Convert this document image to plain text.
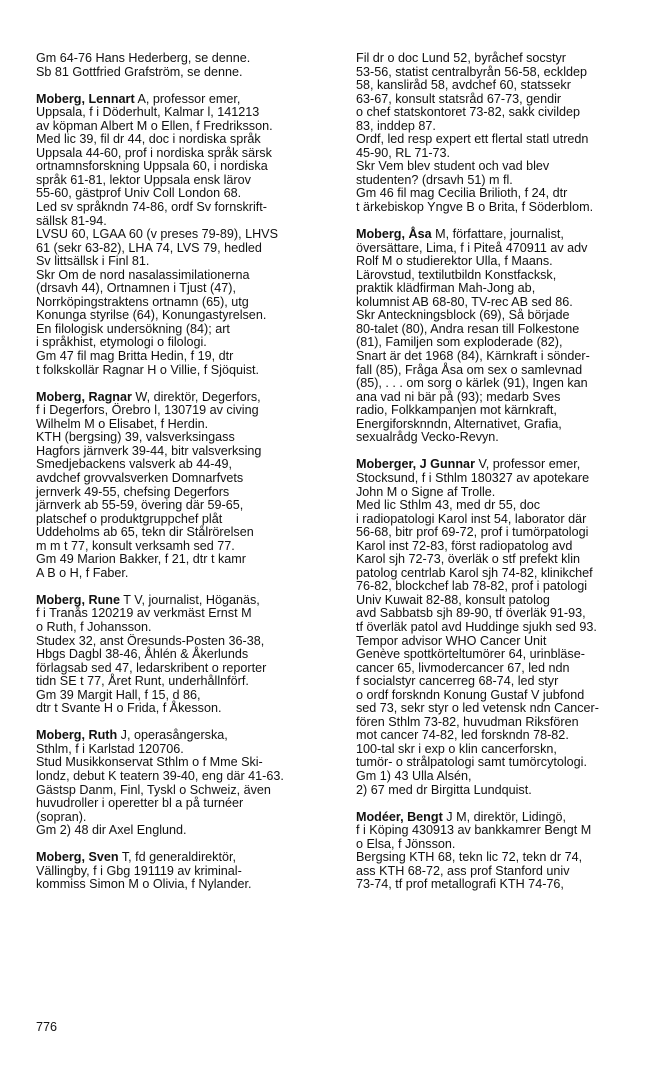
Gm 64-76 Hans Hederberg, se denne.
Sb 81 Gottfried Grafström, se denne.
Moberg, Lennart A, professor emer,
Uppsala, f i Döderhult, Kalmar l, 141213
av köpman Albert M o Ellen, f Fredriksson.
Med lic 39, fil dr 44, doc i nordiska språk
Uppsala 44-60, prof i nordiska språk särsk
ortnamnsforskning Uppsala 60, i nordiska
språk 61-81, lektor Uppsala ensk lärov
55-60, gästprof Univ Coll London 68.
Led sv språkndn 74-86, ordf Sv fornskrift-
sällsk 81-94.
LVSU 60, LGAA 60 (v preses 79-89), LHVS
61 (sekr 63-82), LHA 74, LVS 79, hedled
Sv littsällsk i Finl 81.
Skr Om de nord nasalassimilationerna
(drsavh 44), Ortnamnen i Tjust (47),
Norrköpingstraktens ortnamn (65), utg
Konunga styrilse (64), Konungastyrelsen.
En filologisk undersökning (84); art
i språkhist, etymologi o filologi.
Gm 47 fil mag Britta Hedin, f 19, dtr
t folkskollär Ragnar H o Villie, f Sjöquist.
Moberg, Ragnar W, direktör, Degerfors,
f i Degerfors, Örebro l, 130719 av civing
Wilhelm M o Elisabet, f Herdin.
KTH (bergsing) 39, valsverksingass
Hagfors järnverk 39-44, bitr valsverksing
Smedjebackens valsverk ab 44-49,
avdchef grovvalsverken Domnarfvets
jernverk 49-55, chefsing Degerfors
järnverk ab 55-59, övering där 59-65,
platschef o produktgruppchef plåt
Uddeholms ab 65, tekn dir Stålrörelsen
m m t 77, konsult verksamh sed 77.
Gm 49 Marion Bakker, f 21, dtr t kamr
A B o H, f Faber.
Moberg, Rune T V, journalist, Höganäs,
f i Tranås 120219 av verkmäst Ernst M
o Ruth, f Johansson.
Studex 32, anst Öresunds-Posten 36-38,
Hbgs Dagbl 38-46, Åhlén & Åkerlunds
förlagsab sed 47, ledarskribent o reporter
tidn SE t 77, Året Runt, underhållnförf.
Gm 39 Margit Hall, f 15, d 86,
dtr t Svante H o Frida, f Åkesson.
Moberg, Ruth J, operasångerska,
Sthlm, f i Karlstad 120706.
Stud Musikkonservat Sthlm o f Mme Ski-
londz, debut K teatern 39-40, eng där 41-63.
Gästsp Danm, Finl, Tyskl o Schweiz, även
huvudroller i operetter bl a på turnéer
(sopran).
Gm 2) 48 dir Axel Englund.
Moberg, Sven T, fd generaldirektör,
Vällingby, f i Gbg 191119 av kriminal-
kommiss Simon M o Olivia, f Nylander.
Fil dr o doc Lund 52, byråchef socstyr
53-56, statist centralbyrån 56-58, eckldep
58, kansliråd 58, avdchef 60, statssekr
63-67, konsult statsråd 67-73, gendir
o chef statskontoret 73-82, sakk civildep
83, inddep 87.
Ordf, led resp expert ett flertal statl utredn
45-90, RL 71-73.
Skr Vem blev student och vad blev
studenten? (drsavh 51) m fl.
Gm 46 fil mag Cecilia Brilioth, f 24, dtr
t ärkebiskop Yngve B o Brita, f Söderblom.
Moberg, Åsa M, författare, journalist,
översättare, Lima, f i Piteå 470911 av adv
Rolf M o studierektor Ulla, f Maans.
Lärovstud, textilutbildn Konstfacksk,
praktik klädfirman Mah-Jong ab,
kolumnist AB 68-80, TV-rec AB sed 86.
Skr Anteckningsblock (69), Så började
80-talet (80), Andra resan till Folkestone
(81), Familjen som exploderade (82),
Snart är det 1968 (84), Kärnkraft i sönder-
fall (85), Fråga Åsa om sex o samlevnad
(85), . . . om sorg o kärlek (91), Ingen kan
ana vad ni bär på (93); medarb Sves
radio, Folkkampanjen mot kärnkraft,
Energiforsknndn, Alternativet, Grafia,
sexualrådg Vecko-Revyn.
Moberger, J Gunnar V, professor emer,
Stocksund, f i Sthlm 180327 av apotekare
John M o Signe af Trolle.
Med lic Sthlm 43, med dr 55, doc
i radiopatologi Karol inst 54, laborator där
56-68, bitr prof 69-72, prof i tumörpatologi
Karol inst 72-83, först radiopatolog avd
Karol sjh 72-73, överläk o stf prefekt klin
patolog centrlab Karol sjh 74-82, klinikchef
76-82, blockchef lab 78-82, prof i patologi
Univ Kuwait 82-88, konsult patolog
avd Sabbatsb sjh 89-90, tf överläk 91-93,
tf överläk patol avd Huddinge sjukh sed 93.
Tempor advisor WHO Cancer Unit
Genève spottkörteltumörer 64, urinbläse-
cancer 65, livmodercancer 67, led ndn
f socialstyr cancerreg 68-74, led styr
o ordf forskndn Konung Gustaf V jubfond
sed 73, sekr styr o led vetensk ndn Cancer-
fören Sthlm 73-82, huvudman Riksfören
mot cancer 74-82, led forskndn 78-82.
100-tal skr i exp o klin cancerforskn,
tumör- o strålpatologi samt tumörcytologi.
Gm 1) 43 Ulla Alsén,
2) 67 med dr Birgitta Lundquist.
Modéer, Bengt J M, direktör, Lidingö,
f i Köping 430913 av bankkamrer Bengt M
o Elsa, f Jönsson.
Bergsing KTH 68, tekn lic 72, tekn dr 74,
ass KTH 68-72, ass prof Stanford univ
73-74, tf prof metallografi KTH 74-76,
776
